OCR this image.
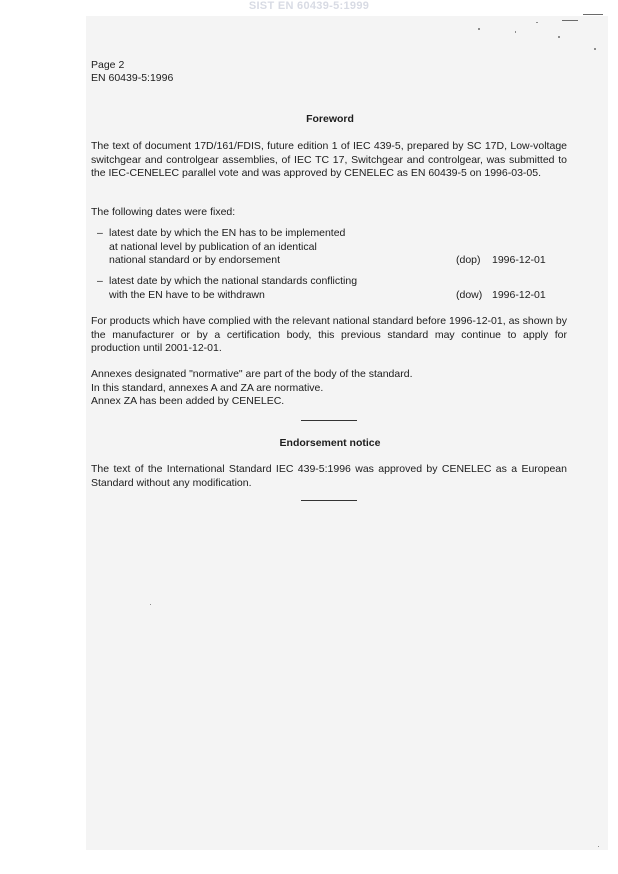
SIST EN 60439-5:1999
Page 2
EN 60439-5:1996
Foreword
The text of document 17D/161/FDIS, future edition 1 of IEC 439-5, prepared by SC 17D, Low-voltage switchgear and controlgear assemblies, of IEC TC 17, Switchgear and controlgear, was submitted to the IEC-CENELEC parallel vote and was approved by CENELEC as EN 60439-5 on 1996-03-05.
The following dates were fixed:
– latest date by which the EN has to be implemented
at national level by publication of an identical
national standard or by endorsement	(dop)	1996-12-01
– latest date by which the national standards conflicting
with the EN have to be withdrawn	(dow) 1996-12-01
For products which have complied with the relevant national standard before 1996-12-01, as shown by the manufacturer or by a certification body, this previous standard may continue to apply for production until 2001-12-01.
Annexes designated "normative" are part of the body of the standard.
In this standard, annexes A and ZA are normative.
Annex ZA has been added by CENELEC.
Endorsement notice
The text of the International Standard IEC 439-5:1996 was approved by CENELEC as a European Standard without any modification.
